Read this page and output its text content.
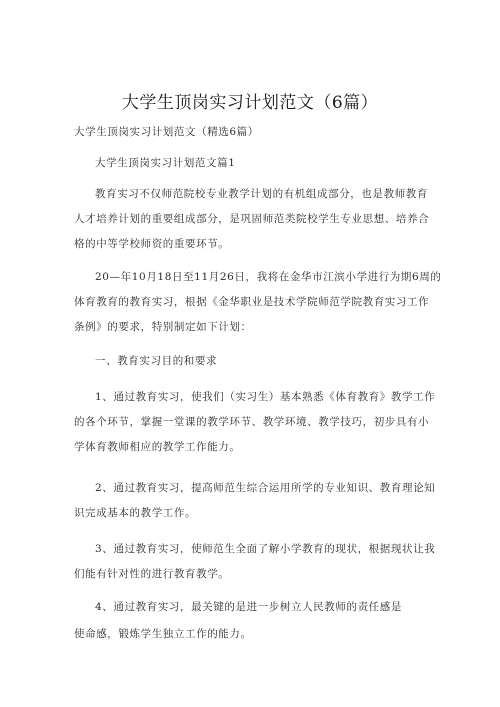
大学生顶岗实习计划范文（6篇）
大学生顶岗实习计划范文（精选6篇）
大学生顶岗实习计划范文篇1
教育实习不仅师范院校专业教学计划的有机组成部分，也是教师教育
人才培养计划的重要组成部分，是巩固师范类院校学生专业思想、培养合
格的中等学校师资的重要环节。
20—年10月18日至11月26日，我将在金华市江滨小学进行为期6周的
体育教育的教育实习，根据《金华职业是技术学院师范学院教育实习工作
条例》的要求，特别制定如下计划：
一、教育实习目的和要求
1、通过教育实习，使我们（实习生）基本熟悉《体育教育》教学工作
的各个环节，掌握一堂课的教学环节、教学环境、教学技巧，初步具有小
学体育教师相应的教学工作能力。
2、通过教育实习，提高师范生综合运用所学的专业知识、教育理论知
识完成基本的教学工作。
3、通过教育实习，使师范生全面了解小学教育的现状，根据现状让我
们能有针对性的进行教育教学。
4、通过教育实习，最关键的是进一步树立人民教师的责任感是
使命感，锻炼学生独立工作的能力。
